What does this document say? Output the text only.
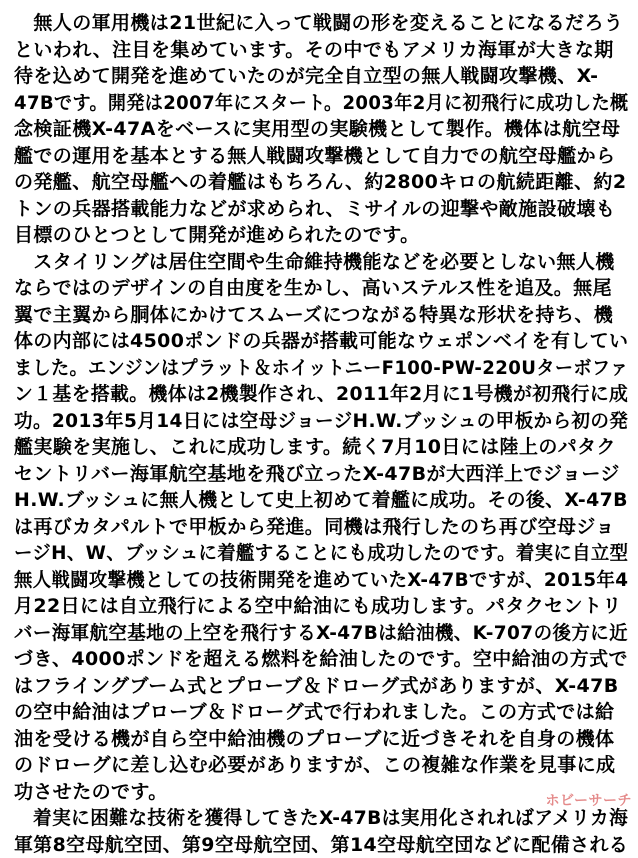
　無人の軍用機は21世紀に入って戦闘の形を変えることになるだろう
といわれ、注目を集めています。その中でもアメリカ海軍が大きな期
待を込めて開発を進めていたのが完全自立型の無人戦闘攻撃機、X-
47Bです。開発は2007年にスタート。2003年2月に初飛行に成功した概
念検証機X-47Aをベースに実用型の実験機として製作。機体は航空母
艦での運用を基本とする無人戦闘攻撃機として自力での航空母艦から
の発艦、航空母艦への着艦はもちろん、約2800キロの航続距離、約2
トンの兵器搭載能力などが求められ、ミサイルの迎撃や敵施設破壊も
目標のひとつとして開発が進められたのです。
　スタイリングは居住空間や生命維持機能などを必要としない無人機
ならではのデザインの自由度を生かし、高いステルス性を追及。無尾
翼で主翼から胴体にかけてスムーズにつながる特異な形状を持ち、機
体の内部には4500ポンドの兵器が搭載可能なウェポンベイを有してい
ました。エンジンはプラット＆ホイットニーF100-PW-220Uターボファ
ン１基を搭載。機体は2機製作され、2011年2月に1号機が初飛行に成
功。2013年5月14日には空母ジョージH.W.ブッシュの甲板から初の発
艦実験を実施し、これに成功します。続く7月10日には陸上のパタク
セントリバー海軍航空基地を飛び立ったX-47Bが大西洋上でジョージ
H.W.ブッシュに無人機として史上初めて着艦に成功。その後、X-47B
は再びカタパルトで甲板から発進。同機は飛行したのち再び空母ジョ
ージH、W、ブッシュに着艦することにも成功したのです。着実に自立型
無人戦闘攻撃機としての技術開発を進めていたX-47Bですが、2015年4
月22日には自立飛行による空中給油にも成功します。パタクセントリ
バー海軍航空基地の上空を飛行するX-47Bは給油機、K-707の後方に近
づき、4000ポンドを超える燃料を給油したのです。空中給油の方式で
はフライングブーム式とプローブ＆ドローグ式がありますが、X-47B
の空中給油はプローブ＆ドローグ式で行われました。この方式では給
油を受ける機が自ら空中給油機のプローブに近づきそれを自身の機体
のドローグに差し込む必要がありますが、この複雑な作業を見事に成
功させたのです。
　着実に困難な技術を獲得してきたX-47Bは実用化されればアメリカ海
軍第8空母航空団、第9空母航空団、第14空母航空団などに配備される
ホビーサーチ
